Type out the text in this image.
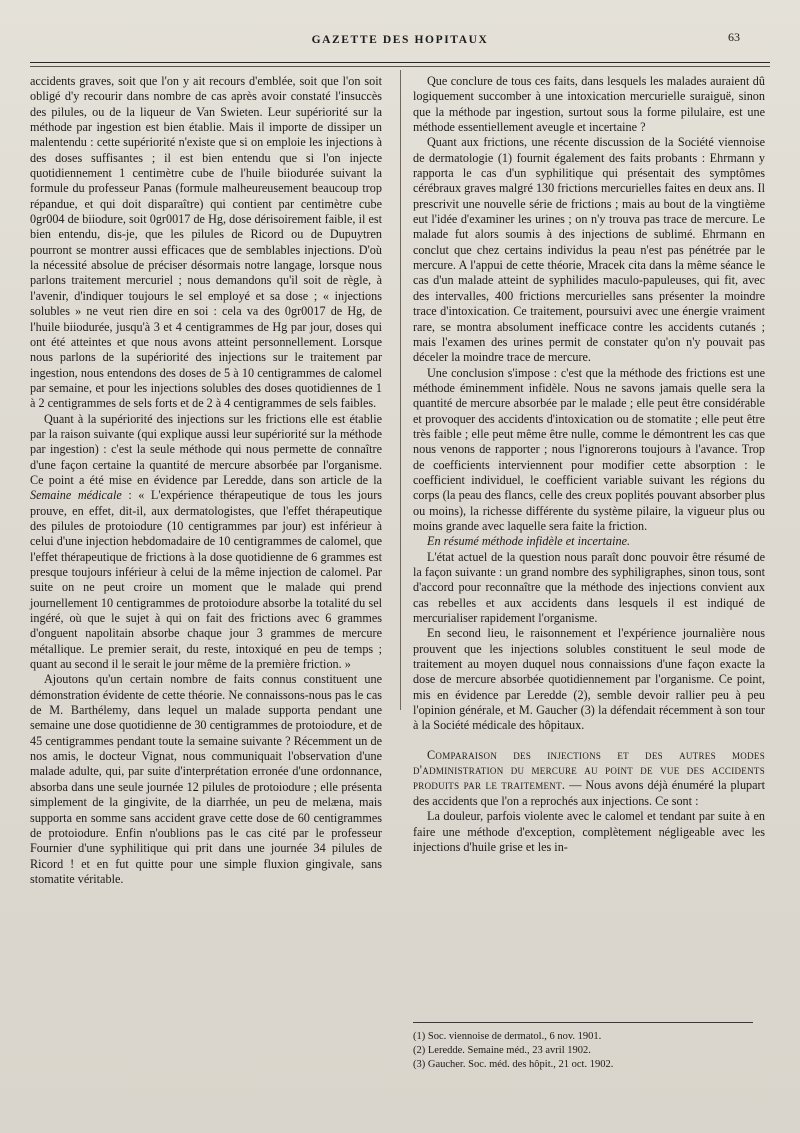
GAZETTE DES HOPITAUX	63

accidents graves, soit que l'on y ait recours d'emblée, soit que l'on soit obligé d'y recourir dans nombre de cas après avoir constaté l'insuccès des pilules, ou de la liqueur de Van Swieten. Leur supériorité sur la méthode par ingestion est bien établie. Mais il importe de dissiper un malentendu : cette supériorité n'existe que si on emploie les injections à des doses suffisantes ; il est bien entendu que si l'on injecte quotidiennement 1 centimètre cube de l'huile biiodurée suivant la formule du professeur Panas (formule malheureusement beaucoup trop répandue, et qui doit disparaître) qui contient par centimètre cube 0gr004 de biiodure, soit 0gr0017 de Hg, dose dérisoirement faible, il est bien entendu, dis-je, que les pilules de Ricord ou de Dupuytren pourront se montrer aussi efficaces que de semblables injections. D'où la nécessité absolue de préciser désormais notre langage, lorsque nous parlons traitement mercuriel ; nous demandons qu'il soit de règle, à l'avenir, d'indiquer toujours le sel employé et sa dose ; « injections solubles » ne veut rien dire en soi : cela va des 0gr0017 de Hg, de l'huile biiodurée, jusqu'à 3 et 4 centigrammes de Hg par jour, doses qui ont été atteintes et que nous avons atteint personnellement. Lorsque nous parlons de la supériorité des injections sur le traitement par ingestion, nous entendons des doses de 5 à 10 centigrammes de calomel par semaine, et pour les injections solubles des doses quotidiennes de 1 à 2 centigrammes de sels forts et de 2 à 4 centigrammes de sels faibles.

Quant à la supériorité des injections sur les frictions elle est établie par la raison suivante (qui explique aussi leur supériorité sur la méthode par ingestion) : c'est la seule méthode qui nous permette de connaître d'une façon certaine la quantité de mercure absorbée par l'organisme. Ce point a été mise en évidence par Leredde, dans son article de la Semaine médicale : « L'expérience thérapeutique de tous les jours prouve, en effet, dit-il, aux dermatologistes, que l'effet thérapeutique des pilules de protoiodure (10 centigrammes par jour) est inférieur à celui d'une injection hebdomadaire de 10 centigrammes de calomel, que l'effet thérapeutique de frictions à la dose quotidienne de 6 grammes est presque toujours inférieur à celui de la même injection de calomel. Par suite on ne peut croire un moment que le malade qui prend journellement 10 centigrammes de protoiodure absorbe la totalité du sel ingéré, où que le sujet à qui on fait des frictions avec 6 grammes d'onguent napolitain absorbe chaque jour 3 grammes de mercure métallique. Le premier serait, du reste, intoxiqué en peu de temps ; quant au second il le serait le jour même de la première friction. »

Ajoutons qu'un certain nombre de faits connus constituent une démonstration évidente de cette théorie. Ne connaissons-nous pas le cas de M. Barthélemy, dans lequel un malade supporta pendant une semaine une dose quotidienne de 30 centigrammes de protoiodure, et de 45 centigrammes pendant toute la semaine suivante ? Récemment un de nos amis, le docteur Vignat, nous communiquait l'observation d'une malade adulte, qui, par suite d'interprétation erronée d'une ordonnance, absorba dans une seule journée 12 pilules de protoiodure ; elle présenta simplement de la gingivite, de la diarrhée, un peu de melæna, mais supporta en somme sans accident grave cette dose de 60 centigrammes de protoiodure. Enfin n'oublions pas le cas cité par le professeur Fournier d'une syphilitique qui prit dans une journée 34 pilules de Ricord ! et en fut quitte pour une simple fluxion gingivale, sans stomatite véritable.

Que conclure de tous ces faits, dans lesquels les malades auraient dû logiquement succomber à une intoxication mercurielle suraiguë, sinon que la méthode par ingestion, surtout sous la forme pilulaire, est une méthode essentiellement aveugle et incertaine ?

Quant aux frictions, une récente discussion de la Société viennoise de dermatologie (1) fournit également des faits probants : Ehrmann y rapporta le cas d'un syphilitique qui présentait des symptômes cérébraux graves malgré 130 frictions mercurielles faites en deux ans. Il prescrivit une nouvelle série de frictions ; mais au bout de la vingtième eut l'idée d'examiner les urines ; on n'y trouva pas trace de mercure. Le malade fut alors soumis à des injections de sublimé. Ehrmann en conclut que chez certains individus la peau n'est pas pénétrée par le mercure. A l'appui de cette théorie, Mracek cita dans la même séance le cas d'un malade atteint de syphilides maculo-papuleuses, qui fit, avec des intervalles, 400 frictions mercurielles sans présenter la moindre trace d'intoxication. Ce traitement, poursuivi avec une énergie vraiment rare, se montra absolument inefficace contre les accidents cutanés ; mais l'examen des urines permit de constater qu'on n'y pouvait pas déceler la moindre trace de mercure.

Une conclusion s'impose : c'est que la méthode des frictions est une méthode éminemment infidèle. Nous ne savons jamais quelle sera la quantité de mercure absorbée par le malade ; elle peut être considérable et provoquer des accidents d'intoxication ou de stomatite ; elle peut être très faible ; elle peut même être nulle, comme le démontrent les cas que nous venons de rapporter ; nous l'ignorerons toujours à l'avance. Trop de coefficients interviennent pour modifier cette absorption : le coefficient individuel, le coefficient variable suivant les régions du corps (la peau des flancs, celle des creux poplités pouvant absorber plus ou moins), la richesse différente du système pilaire, la vigueur plus ou moins grande avec laquelle sera faite la friction.

En résumé méthode infidèle et incertaine.

L'état actuel de la question nous paraît donc pouvoir être résumé de la façon suivante : un grand nombre des syphiligraphes, sinon tous, sont d'accord pour reconnaître que la méthode des injections convient aux cas rebelles et aux accidents dans lesquels il est indiqué de mercurialiser rapidement l'organisme.

En second lieu, le raisonnement et l'expérience journalière nous prouvent que les injections solubles constituent le seul mode de traitement au moyen duquel nous connaissions d'une façon exacte la dose de mercure absorbée quotidiennement par l'organisme. Ce point, mis en évidence par Leredde (2), semble devoir rallier peu à peu l'opinion générale, et M. Gaucher (3) la défendait récemment à son tour à la Société médicale des hôpitaux.

Comparaison des injections et des autres modes d'administration du mercure au point de vue des accidents produits par le traitement. — Nous avons déjà énuméré la plupart des accidents que l'on a reprochés aux injections. Ce sont :

La douleur, parfois violente avec le calomel et tendant par suite à en faire une méthode d'exception, complètement négligeable avec les injections d'huile grise et les in-

(1) Soc. viennoise de dermatol., 6 nov. 1901.
(2) Leredde. Semaine méd., 23 avril 1902.
(3) Gaucher. Soc. méd. des hôpit., 21 oct. 1902.
